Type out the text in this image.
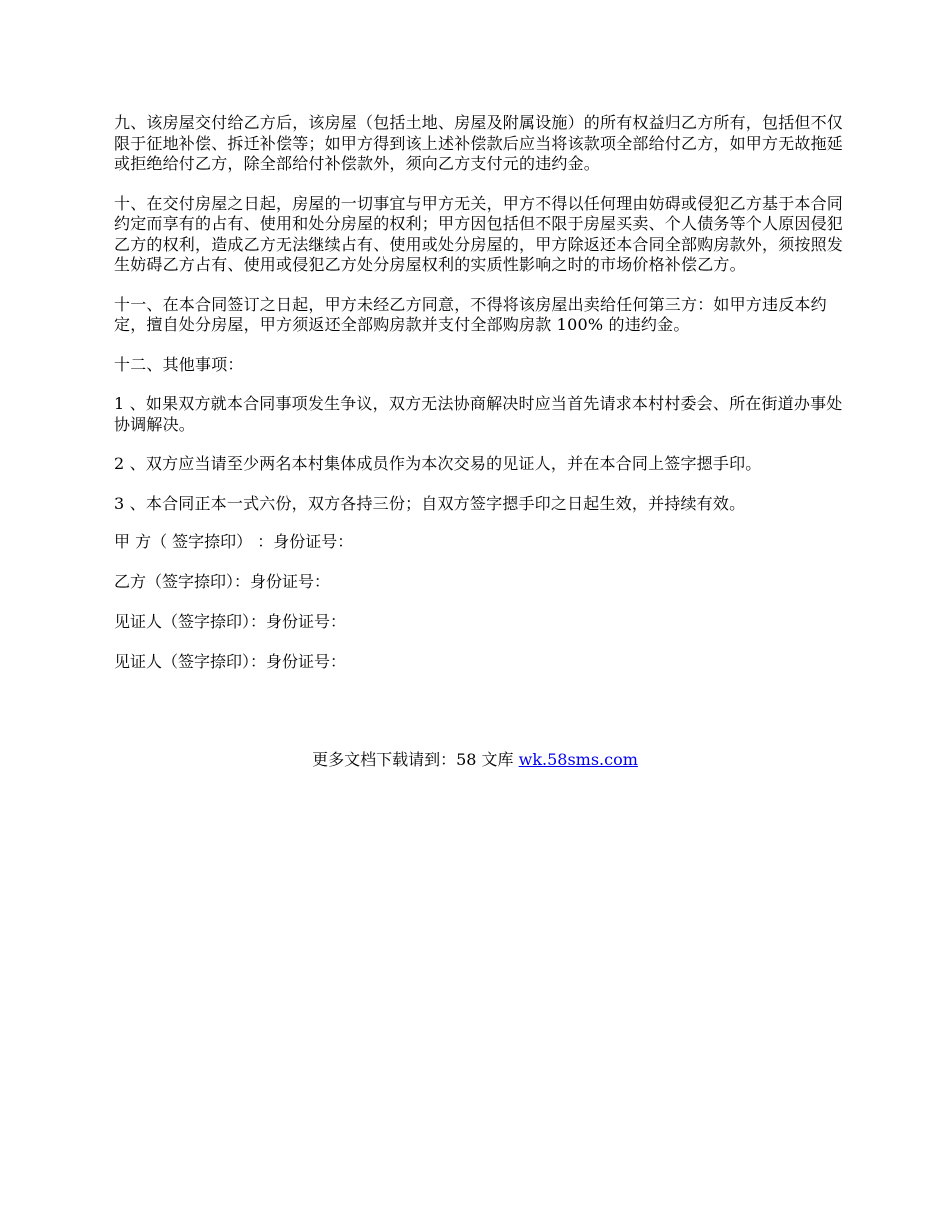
九、该房屋交付给乙方后，该房屋（包括土地、房屋及附属设施）的所有权益归乙方所有，包括但不仅限于征地补偿、拆迁补偿等；如甲方得到该上述补偿款后应当将该款项全部给付乙方，如甲方无故拖延或拒绝给付乙方，除全部给付补偿款外，须向乙方支付元的违约金。

十、在交付房屋之日起，房屋的一切事宜与甲方无关，甲方不得以任何理由妨碍或侵犯乙方基于本合同约定而享有的占有、使用和处分房屋的权利；甲方因包括但不限于房屋买卖、个人债务等个人原因侵犯乙方的权利，造成乙方无法继续占有、使用或处分房屋的，甲方除返还本合同全部购房款外，须按照发生妨碍乙方占有、使用或侵犯乙方处分房屋权利的实质性影响之时的市场价格补偿乙方。

十一、在本合同签订之日起，甲方未经乙方同意，不得将该房屋出卖给任何第三方：如甲方违反本约定，擅自处分房屋，甲方须返还全部购房款并支付全部购房款 100% 的违约金。

十二、其他事项：

1 、如果双方就本合同事项发生争议，双方无法协商解决时应当首先请求本村村委会、所在街道办事处协调解决。

2 、双方应当请至少两名本村集体成员作为本次交易的见证人，并在本合同上签字摁手印。

3 、本合同正本一式六份，双方各持三份；自双方签字摁手印之日起生效，并持续有效。

甲 方（ 签字捺印） ：身份证号：

乙方（签字捺印）：身份证号：

见证人（签字捺印）：身份证号：

见证人（签字捺印）：身份证号：

更多文档下载请到：58 文库 wk.58sms.com
